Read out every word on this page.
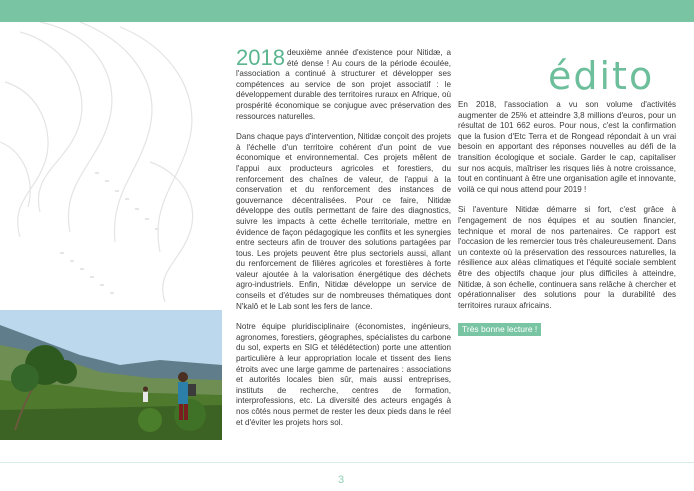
2018 deuxième année d'existence pour Nitidæ, a été dense ! Au cours de la période écoulée, l'association a continué à structurer et développer ses compétences au service de son projet associatif : le développement durable des territoires ruraux en Afrique, où prospérité économique se conjugue avec préservation des ressources naturelles.

Dans chaque pays d'intervention, Nitidæ conçoit des projets à l'échelle d'un territoire cohérent d'un point de vue économique et environnemental. Ces projets mêlent de l'appui aux producteurs agricoles et forestiers, du renforcement des chaînes de valeur, de l'appui à la conservation et du renforcement des instances de gouvernance décentralisées. Pour ce faire, Nitidæ développe des outils permettant de faire des diagnostics, suivre les impacts à cette échelle territoriale, mettre en évidence de façon pédagogique les conflits et les synergies entre secteurs afin de trouver des solutions partagées par tous. Les projets peuvent être plus sectoriels aussi, allant du renforcement de filières agricoles et forestières à forte valeur ajoutée à la valorisation énergétique des déchets agro-industriels. Enfin, Nitidæ développe un service de conseils et d'études sur de nombreuses thématiques dont N'kalô et le Lab sont les fers de lance.

Notre équipe pluridisciplinaire (économistes, ingénieurs, agronomes, forestiers, géographes, spécialistes du carbone du sol, experts en SIG et télédétection) porte une attention particulière à leur appropriation locale et tissent des liens étroits avec une large gamme de partenaires : associations et autorités locales bien sûr, mais aussi entreprises, instituts de recherche, centres de formation, interprofessions, etc. La diversité des acteurs engagés à nos côtés nous permet de rester les deux pieds dans le réel et d'éviter les projets hors sol.

édito

En 2018, l'association a vu son volume d'activités augmenter de 25% et atteindre 3,8 millions d'euros, pour un résultat de 101 662 euros. Pour nous, c'est la confirmation que la fusion d'Etc Terra et de Rongead répondait à un vrai besoin en apportant des réponses nouvelles au défi de la transition écologique et sociale. Garder le cap, capitaliser sur nos acquis, maîtriser les risques liés à notre croissance, tout en continuant à être une organisation agile et innovante, voilà ce qui nous attend pour 2019 !

Si l'aventure Nitidæ démarre si fort, c'est grâce à l'engagement de nos équipes et au soutien financier, technique et moral de nos partenaires. Ce rapport est l'occasion de les remercier tous très chaleureusement. Dans un contexte où la préservation des ressources naturelles, la résilience aux aléas climatiques et l'équité sociale semblent être des objectifs chaque jour plus difficiles à atteindre, Nitidæ, à son échelle, continuera sans relâche à chercher et opérationnaliser des solutions pour la durabilité des territoires ruraux africains.

Très bonne lecture !
3
